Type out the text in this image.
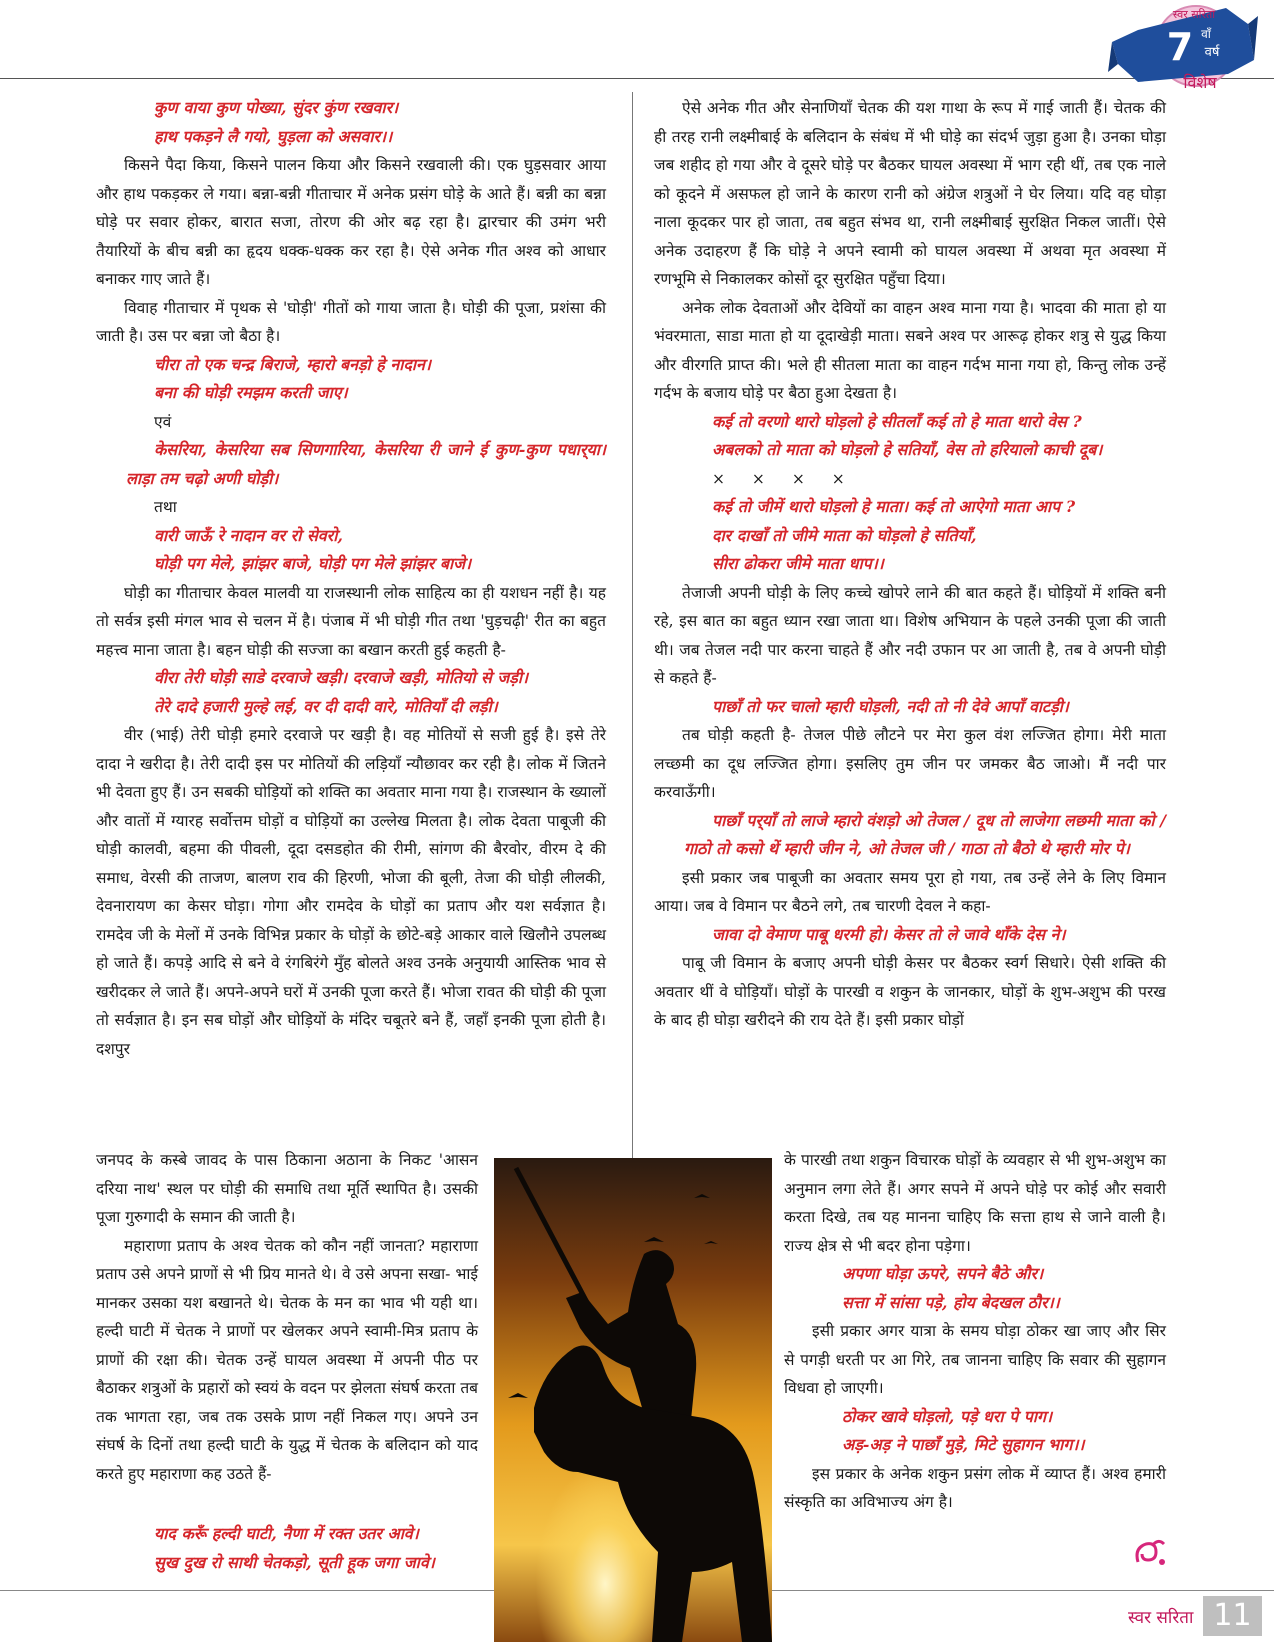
स्वर सरिता
7 वाँ
वर्ष
विशेष

कुण वाया कुण पोख्या, सुंदर कुंण रखवार।

हाथ पकड़ने लै गयो, घुड़ला को असवार।।

किसने पैदा किया, किसने पालन किया और किसने रखवाली की। एक घुड़सवार आया और हाथ पकड़कर ले गया। बन्ना-बन्नी गीताचार में अनेक प्रसंग घोड़े के आते हैं। बन्नी का बन्ना घोड़े पर सवार होकर, बारात सजा, तोरण की ओर बढ़ रहा है। द्वारचार की उमंग भरी तैयारियों के बीच बन्नी का हृदय धक्क-धक्क कर रहा है। ऐसे अनेक गीत अश्व को आधार बनाकर गाए जाते हैं।

विवाह गीताचार में पृथक से 'घोड़ी' गीतों को गाया जाता है। घोड़ी की पूजा, प्रशंसा की जाती है। उस पर बन्ना जो बैठा है।

चीरा तो एक चन्द्र बिराजे, म्हारो बनड़ो हे नादान।

बना की घोड़ी रमझम करती जाए।

एवं

केसरिया, केसरिया सब सिणगारिया, केसरिया री जाने ई कुण-कुण पधार्‌या। लाड़ा तम चढ़ो अणी घोड़ी।

तथा

वारी जाऊँ रे नादान वर रो सेवरो,

घोड़ी पग मेले, झांझर बाजे, घोड़ी पग मेले झांझर बाजे।

घोड़ी का गीताचार केवल मालवी या राजस्थानी लोक साहित्य का ही यशधन नहीं है। यह तो सर्वत्र इसी मंगल भाव से चलन में है। पंजाब में भी घोड़ी गीत तथा 'घुड़चढ़ी' रीत का बहुत महत्त्व माना जाता है। बहन घोड़ी की सज्जा का बखान करती हुई कहती है-

वीरा तेरी घोड़ी साडे दरवाजे खड़ी। दरवाजे खड़ी, मोतियो से जड़ी।

तेरे दादे हजारी मुल्हे लई, वर दी दादी वारे, मोतियाँ दी लड़ी।

वीर (भाई) तेरी घोड़ी हमारे दरवाजे पर खड़ी है। वह मोतियों से सजी हुई है। इसे तेरे दादा ने खरीदा है। तेरी दादी इस पर मोतियों की लड़ियाँ न्यौछावर कर रही है। लोक में जितने भी देवता हुए हैं। उन सबकी घोड़ियों को शक्ति का अवतार माना गया है। राजस्थान के ख्यालों और वातों में ग्यारह सर्वोत्तम घोड़ों व घोड़ियों का उल्लेख मिलता है। लोक देवता पाबूजी की घोड़ी कालवी, बहमा की पीवली, दूदा दसडहोत की रीमी, सांगण की बैरवोर, वीरम दे की समाध, वेरसी की ताजण, बालण राव की हिरणी, भोजा की बूली, तेजा की घोड़ी लीलकी, देवनारायण का केसर घोड़ा। गोगा और रामदेव के घोड़ों का प्रताप और यश सर्वज्ञात है। रामदेव जी के मेलों में उनके विभिन्न प्रकार के घोड़ों के छोटे-बड़े आकार वाले खिलौने उपलब्ध हो जाते हैं। कपड़े आदि से बने वे रंगबिरंगे मुँह बोलते अश्व उनके अनुयायी आस्तिक भाव से खरीदकर ले जाते हैं। अपने-अपने घरों में उनकी पूजा करते हैं। भोजा रावत की घोड़ी की पूजा तो सर्वज्ञात है। इन सब घोड़ों और घोड़ियों के मंदिर चबूतरे बने हैं, जहाँ इनकी पूजा होती है। दशपुर

जनपद के कस्बे जावद के पास ठिकाना अठाना के निकट 'आसन दरिया नाथ' स्थल पर घोड़ी की समाधि तथा मूर्ति स्थापित है। उसकी पूजा गुरुगादी के समान की जाती है।

महाराणा प्रताप के अश्व चेतक को कौन नहीं जानता? महाराणा प्रताप उसे अपने प्राणों से भी प्रिय मानते थे। वे उसे अपना सखा- भाई मानकर उसका यश बखानते थे। चेतक के मन का भाव भी यही था। हल्दी घाटी में चेतक ने प्राणों पर खेलकर अपने स्वामी-मित्र प्रताप के प्राणों की रक्षा की। चेतक उन्हें घायल अवस्था में अपनी पीठ पर बैठाकर शत्रुओं के प्रहारों को स्वयं के वदन पर झेलता संघर्ष करता तब तक भागता रहा, जब तक उसके प्राण नहीं निकल गए। अपने उन संघर्ष के दिनों तथा हल्दी घाटी के युद्ध में चेतक के बलिदान को याद करते हुए महाराणा कह उठते हैं-

याद करूँ हल्दी घाटी, नैणा में रक्त उतर आवे।

सुख दुख रो साथी चेतकड़ो, सूती हूक जगा जावे।

ऐसे अनेक गीत और सेनाणियाँ चेतक की यश गाथा के रूप में गाई जाती हैं। चेतक की ही तरह रानी लक्ष्मीबाई के बलिदान के संबंध में भी घोड़े का संदर्भ जुड़ा हुआ है। उनका घोड़ा जब शहीद हो गया और वे दूसरे घोड़े पर बैठकर घायल अवस्था में भाग रही थीं, तब एक नाले को कूदने में असफल हो जाने के कारण रानी को अंग्रेज शत्रुओं ने घेर लिया। यदि वह घोड़ा नाला कूदकर पार हो जाता, तब बहुत संभव था, रानी लक्ष्मीबाई सुरक्षित निकल जातीं। ऐसे अनेक उदाहरण हैं कि घोड़े ने अपने स्वामी को घायल अवस्था में अथवा मृत अवस्था में रणभूमि से निकालकर कोसों दूर सुरक्षित पहुँचा दिया।

अनेक लोक देवताओं और देवियों का वाहन अश्व माना गया है। भादवा की माता हो या भंवरमाता, साडा माता हो या दूदाखेड़ी माता। सबने अश्व पर आरूढ़ होकर शत्रु से युद्ध किया और वीरगति प्राप्त की। भले ही सीतला माता का वाहन गर्दभ माना गया हो, किन्तु लोक उन्हें गर्दभ के बजाय घोड़े पर बैठा हुआ देखता है।

कई तो वरणो थारो घोड़लो हे सीतलाँ कई तो हे माता थारो वेस ?

अबलको तो माता को घोड़लो हे सतियाँ, वेस तो हरियालो काची दूब।

× × × ×

कई तो जीमें थारो घोड़लो हे माता। कई तो आऐगो माता आप ?

दार दाखाँ तो जीमे माता को घोड़लो हे सतियाँ,

सीरा ढोकरा जीमे माता धाप।।

तेजाजी अपनी घोड़ी के लिए कच्चे खोपरे लाने की बात कहते हैं। घोड़ियों में शक्ति बनी रहे, इस बात का बहुत ध्यान रखा जाता था। विशेष अभियान के पहले उनकी पूजा की जाती थी। जब तेजल नदी पार करना चाहते हैं और नदी उफान पर आ जाती है, तब वे अपनी घोड़ी से कहते हैं-

पाछाँ तो फर चालो म्हारी घोड़ली, नदी तो नी देवे आपाँ वाटड़ी।

तब घोड़ी कहती है- तेजल पीछे लौटने पर मेरा कुल वंश लज्जित होगा। मेरी माता लच्छमी का दूध लज्जित होगा। इसलिए तुम जीन पर जमकर बैठ जाओ। मैं नदी पार करवाऊँगी।

पाछाँ पर्‌याँ तो लाजे म्हारो वंशड़ो ओ तेजल / दूध तो लाजेगा लछमी माता को / गाठो तो कसो थें म्हारी जीन ने, ओ तेजल जी / गाठा तो बैठो थे म्हारी मोर पे।

इसी प्रकार जब पाबूजी का अवतार समय पूरा हो गया, तब उन्हें लेने के लिए विमान आया। जब वे विमान पर बैठने लगे, तब चारणी देवल ने कहा-

जावा दो वेमाण पाबू धरमी हो। केसर तो ले जावे थाँके देस ने।

पाबू जी विमान के बजाए अपनी घोड़ी केसर पर बैठकर स्वर्ग सिधारे। ऐसी शक्ति की अवतार थीं वे घोड़ियाँ। घोड़ों के पारखी व शकुन के जानकार, घोड़ों के शुभ-अशुभ की परख के बाद ही घोड़ा खरीदने की राय देते हैं। इसी प्रकार घोड़ों

के पारखी तथा शकुन विचारक घोड़ों के व्यवहार से भी शुभ-अशुभ का अनुमान लगा लेते हैं। अगर सपने में अपने घोड़े पर कोई और सवारी करता दिखे, तब यह मानना चाहिए कि सत्ता हाथ से जाने वाली है। राज्य क्षेत्र से भी बदर होना पड़ेगा।

अपणा घोड़ा ऊपरे, सपने बैठे और।

सत्ता में सांसा पड़े, होय बेदखल ठौर।।

इसी प्रकार अगर यात्रा के समय घोड़ा ठोकर खा जाए और सिर से पगड़ी धरती पर आ गिरे, तब जानना चाहिए कि सवार की सुहागन विधवा हो जाएगी।

ठोकर खावे घोड़लो, पड़े धरा पे पाग।

अड़-अड़ ने पाछाँ मुड़े, मिटे सुहागन भाग।।

इस प्रकार के अनेक शकुन प्रसंग लोक में व्याप्त हैं। अश्व हमारी संस्कृति का अविभाज्य अंग है।

स्वर सरिता 11
